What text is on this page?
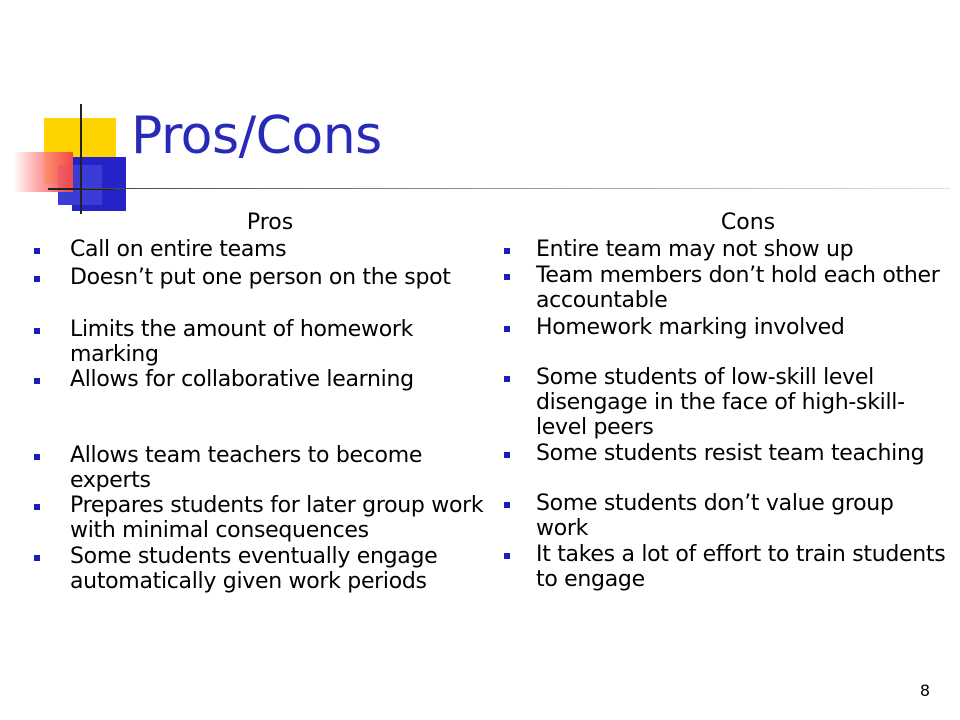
Pros/Cons
Pros
Call on entire teams
Doesn’t put one person on the spot
Limits the amount of homework marking
Allows for collaborative learning
Allows team teachers to become experts
Prepares students for later group work with minimal consequences
Some students eventually engage automatically given work periods
Cons
Entire team may not show up
Team members don’t hold each other accountable
Homework marking involved
Some students of low-skill level disengage in the face of high-skill-level peers
Some students resist team teaching
Some students don’t value group work
It takes a lot of effort to train students to engage
8
